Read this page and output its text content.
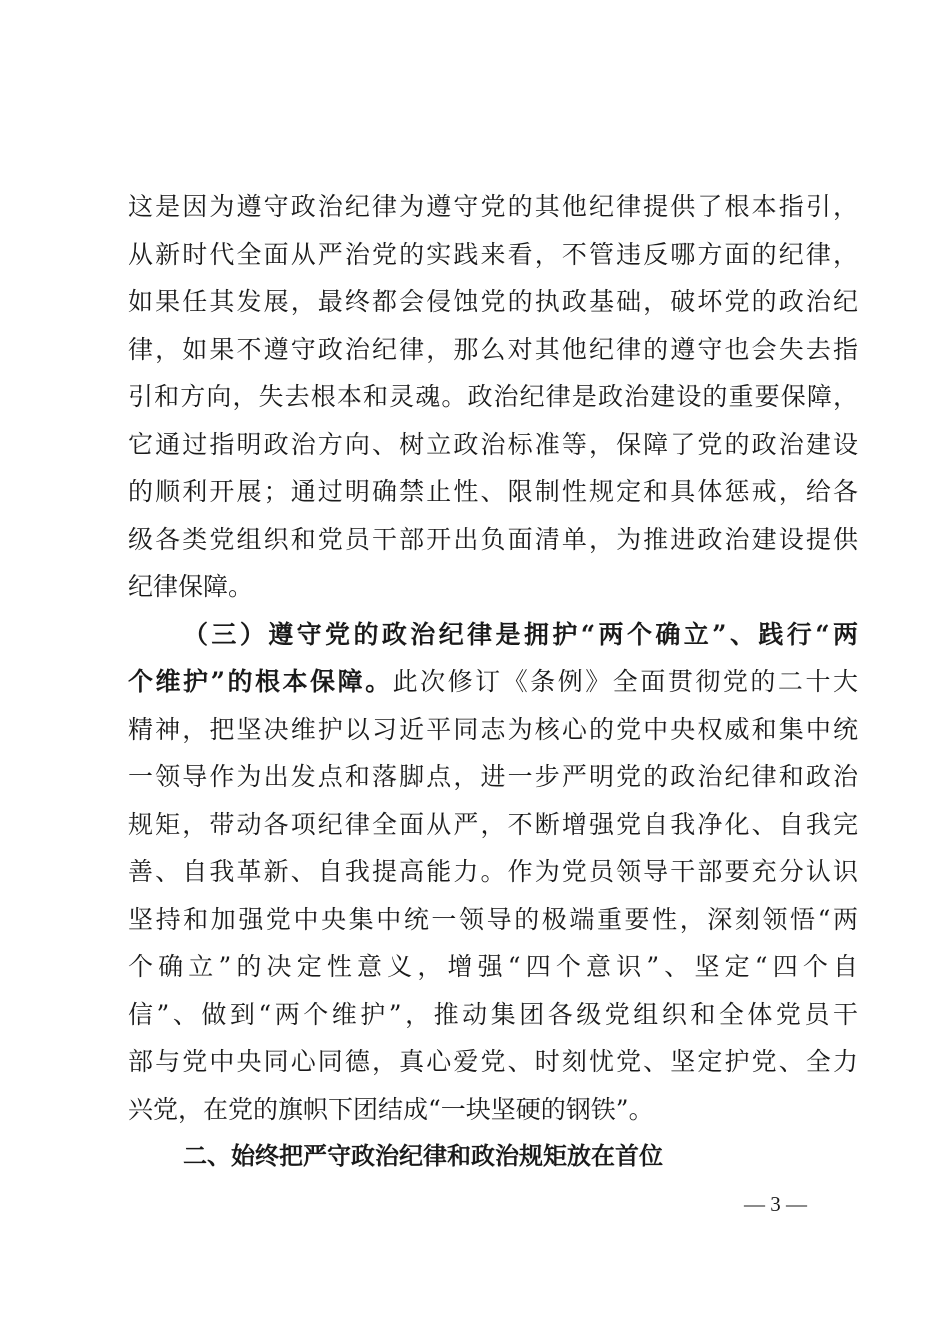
这是因为遵守政治纪律为遵守党的其他纪律提供了根本指引，
从新时代全面从严治党的实践来看，不管违反哪方面的纪律，
如果任其发展，最终都会侵蚀党的执政基础，破坏党的政治纪
律，如果不遵守政治纪律，那么对其他纪律的遵守也会失去指
引和方向，失去根本和灵魂。政治纪律是政治建设的重要保障，
它通过指明政治方向、树立政治标准等，保障了党的政治建设
的顺利开展；通过明确禁止性、限制性规定和具体惩戒，给各
级各类党组织和党员干部开出负面清单，为推进政治建设提供
纪律保障。
（三）遵守党的政治纪律是拥护“两个确立”、践行“两
个维护”的根本保障。此次修订《条例》全面贯彻党的二十大
精神，把坚决维护以习近平同志为核心的党中央权威和集中统
一领导作为出发点和落脚点，进一步严明党的政治纪律和政治
规矩，带动各项纪律全面从严，不断增强党自我净化、自我完
善、自我革新、自我提高能力。作为党员领导干部要充分认识
坚持和加强党中央集中统一领导的极端重要性，深刻领悟“两
个确立”的决定性意义，增强“四个意识”、坚定“四个自
信”、做到“两个维护”，推动集团各级党组织和全体党员干
部与党中央同心同德，真心爱党、时刻忧党、坚定护党、全力
兴党，在党的旗帜下团结成“一块坚硬的钢铁”。
二、始终把严守政治纪律和政治规矩放在首位
— 3 —
